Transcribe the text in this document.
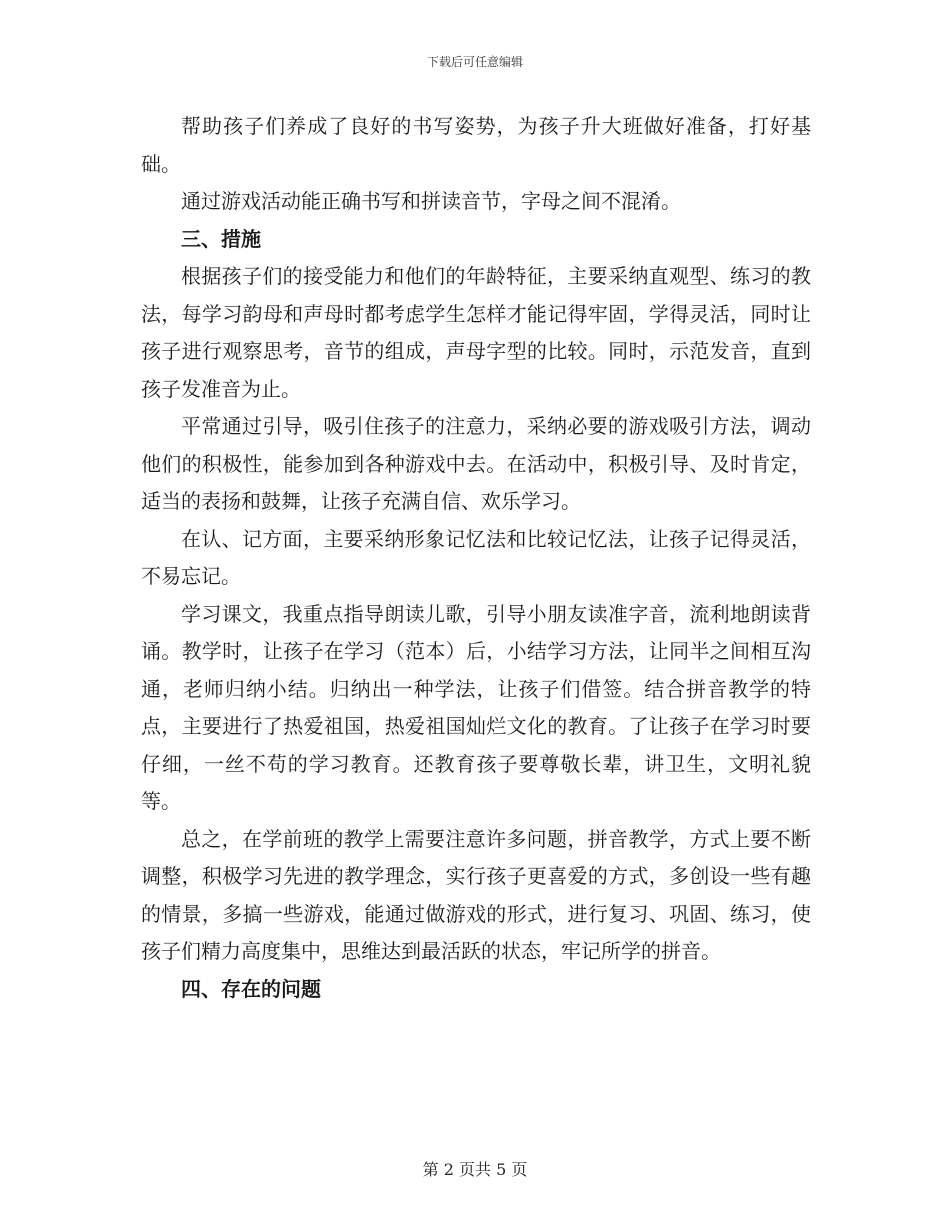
下载后可任意编辑

帮助孩子们养成了良好的书写姿势，为孩子升大班做好准备，打好基础。

通过游戏活动能正确书写和拼读音节，字母之间不混淆。

三、措施

根据孩子们的接受能力和他们的年龄特征，主要采纳直观型、练习的教法，每学习韵母和声母时都考虑学生怎样才能记得牢固，学得灵活，同时让孩子进行观察思考，音节的组成，声母字型的比较。同时，示范发音，直到孩子发准音为止。

平常通过引导，吸引住孩子的注意力，采纳必要的游戏吸引方法，调动他们的积极性，能参加到各种游戏中去。在活动中，积极引导、及时肯定，适当的表扬和鼓舞，让孩子充满自信、欢乐学习。

在认、记方面，主要采纳形象记忆法和比较记忆法，让孩子记得灵活，不易忘记。

学习课文，我重点指导朗读儿歌，引导小朋友读准字音，流利地朗读背诵。教学时，让孩子在学习（范本）后，小结学习方法，让同半之间相互沟通，老师归纳小结。归纳出一种学法，让孩子们借签。结合拼音教学的特点，主要进行了热爱祖国，热爱祖国灿烂文化的教育。了让孩子在学习时要仔细，一丝不苟的学习教育。还教育孩子要尊敬长辈，讲卫生，文明礼貌等。

总之，在学前班的教学上需要注意许多问题，拼音教学，方式上要不断调整，积极学习先进的教学理念，实行孩子更喜爱的方式，多创设一些有趣的情景，多搞一些游戏，能通过做游戏的形式，进行复习、巩固、练习，使孩子们精力高度集中，思维达到最活跃的状态，牢记所学的拼音。

四、存在的问题

第 2 页共 5 页
